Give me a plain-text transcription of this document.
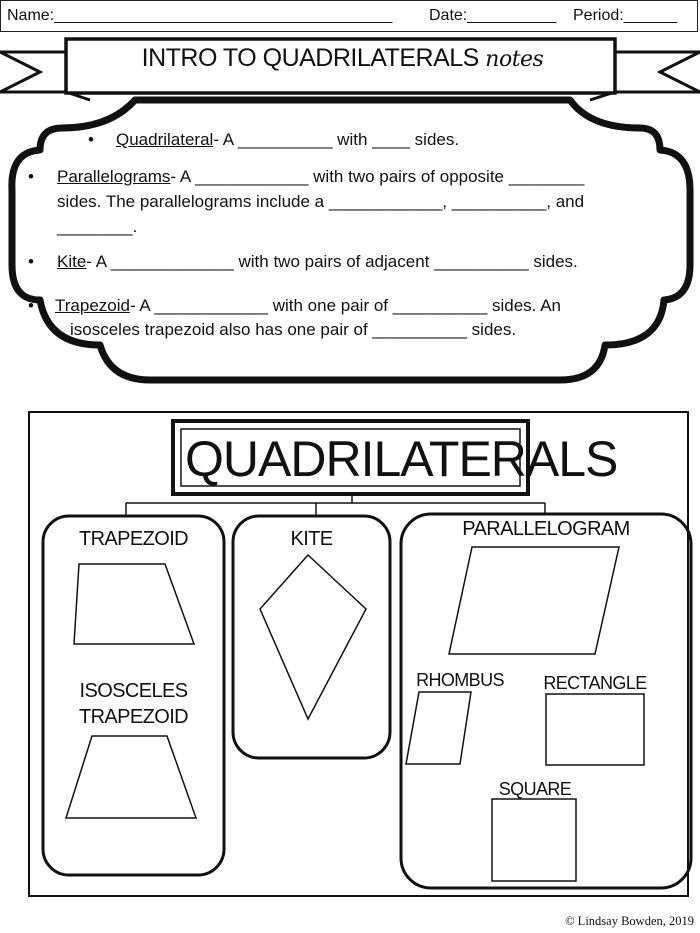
Name:______________________________________ Date:__________ Period:______
INTRO TO QUADRILATERALS notes
• Quadrilateral- A __________ with ____ sides.
• Parallelograms- A ____________ with two pairs of opposite ________
sides. The parallelograms include a ____________, __________, and
________.
• Kite- A _____________ with two pairs of adjacent __________ sides.
• Trapezoid- A ____________ with one pair of __________ sides. An
isosceles trapezoid also has one pair of __________ sides.
QUADRILATERALS
TRAPEZOID
ISOSCELES
TRAPEZOID
KITE	PARALLELOGRAM
RHOMBUS	RECTANGLE
SQUARE
© Lindsay Bowden, 2019
